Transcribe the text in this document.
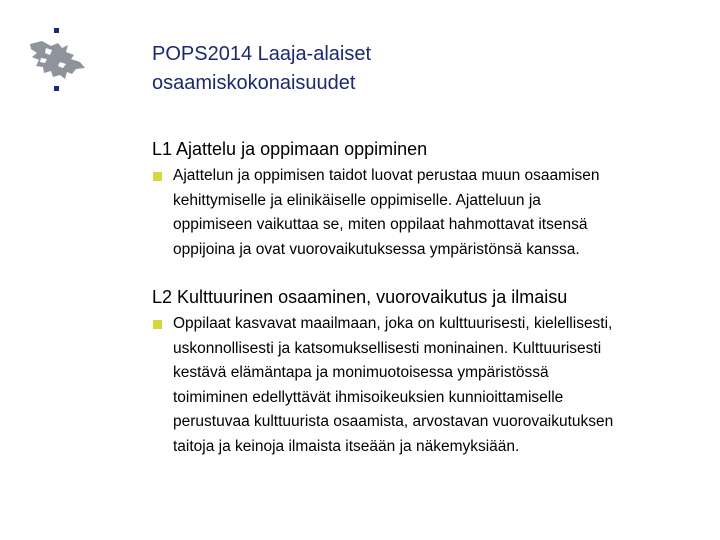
POPS2014 Laaja-alaiset
osaamiskokonaisuudet
L1 Ajattelu ja oppimaan oppiminen
Ajattelun ja oppimisen taidot luovat perustaa muun osaamisen
kehittymiselle ja elinikäiselle oppimiselle. Ajatteluun ja
oppimiseen vaikuttaa se, miten oppilaat hahmottavat itsensä
oppijoina ja ovat vuorovaikutuksessa ympäristönsä kanssa.
L2 Kulttuurinen osaaminen, vuorovaikutus ja ilmaisu
Oppilaat kasvavat maailmaan, joka on kulttuurisesti, kielellisesti,
uskonnollisesti ja katsomuksellisesti moninainen. Kulttuurisesti
kestävä elämäntapa ja monimuotoisessa ympäristössä
toimiminen edellyttävät ihmisoikeuksien kunnioittamiselle
perustuvaa kulttuurista osaamista, arvostavan vuorovaikutuksen
taitoja ja keinoja ilmaista itseään ja näkemyksiään.
